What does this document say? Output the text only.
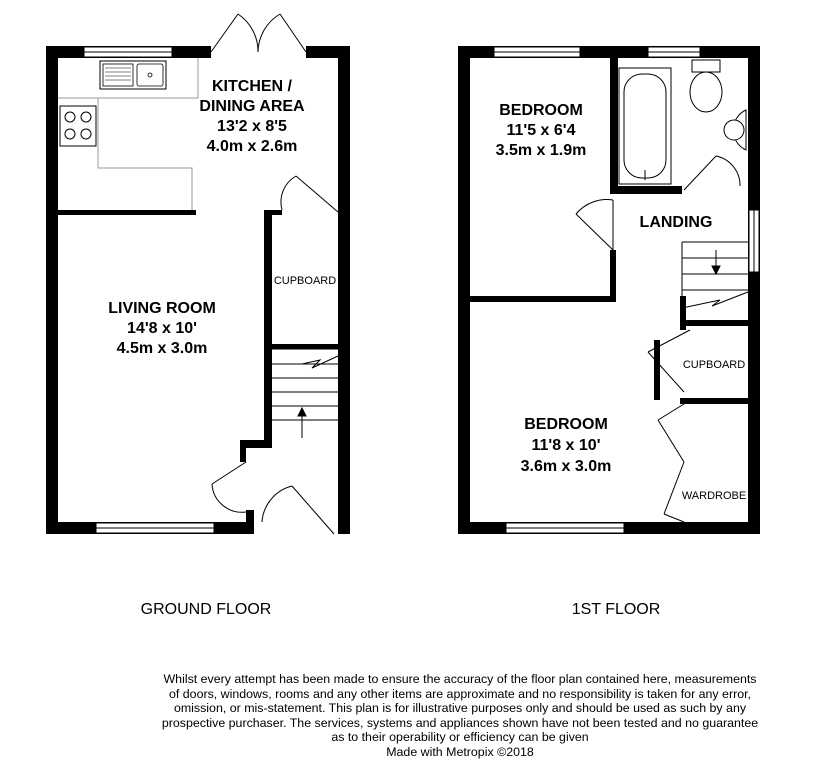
KITCHEN /
DINING AREA
13'2 x 8'5
4.0m x 2.6m
LIVING ROOM
14'8 x 10'
4.5m x 3.0m
CUPBOARD
GROUND FLOOR
BEDROOM
11'5 x 6'4
3.5m x 1.9m
LANDING
CUPBOARD
BEDROOM
11'8 x 10'
3.6m x 3.0m
WARDROBE
1ST FLOOR

Whilst every attempt has been made to ensure the accuracy of the floor plan contained here, measurements

of doors, windows, rooms and any other items are approximate and no responsibility is taken for any error,

omission, or mis-statement. This plan is for illustrative purposes only and should be used as such by any

prospective purchaser. The services, systems and appliances shown have not been tested and no guarantee

as to their operability or efficiency can be given

Made with Metropix ©2018
